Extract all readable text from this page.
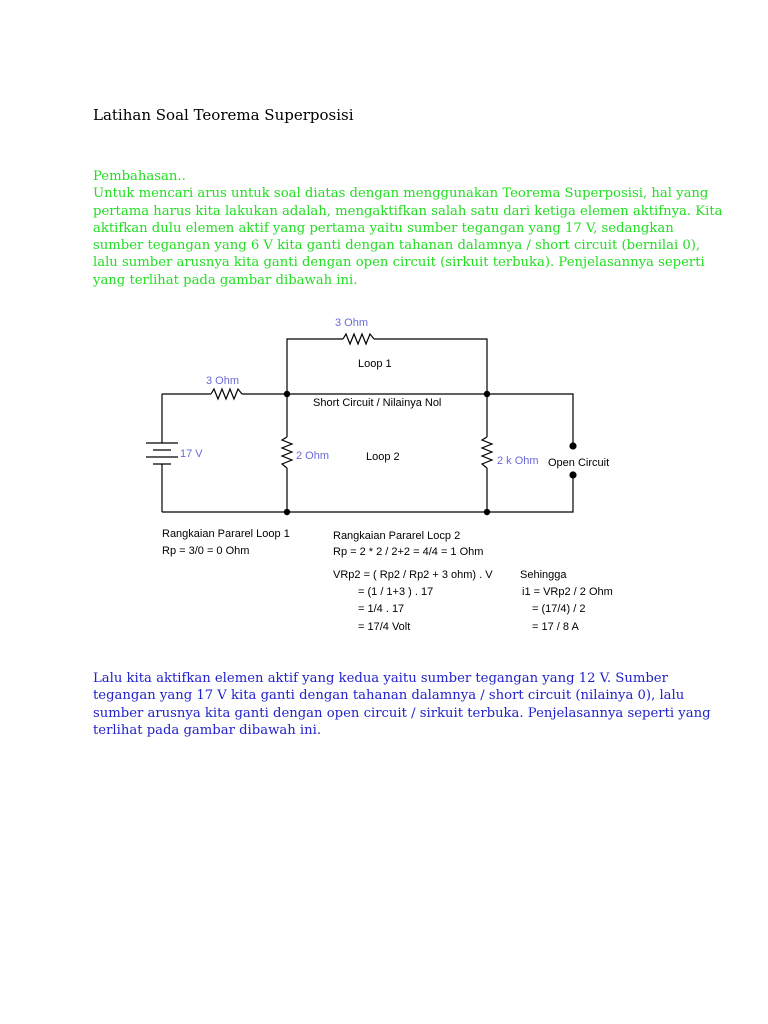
Latihan Soal Teorema Superposisi
Pembahasan..
Untuk mencari arus untuk soal diatas dengan menggunakan Teorema Superposisi, hal yang
pertama harus kita lakukan adalah, mengaktifkan salah satu dari ketiga elemen aktifnya. Kita
aktifkan dulu elemen aktif yang pertama yaitu sumber tegangan yang 17 V, sedangkan
sumber tegangan yang 6 V kita ganti dengan tahanan dalamnya / short circuit (bernilai 0),
lalu sumber arusnya kita ganti dengan open circuit (sirkuit terbuka). Penjelasannya seperti
yang terlihat pada gambar dibawah ini.
3 Ohm
Loop 1
3 Ohm
Short Circuit / Nilainya Nol
17 V	2 Ohm	Loop 2	2 k Ohm Open Circuit
Rangkaian Pararel Loop 1
Rp = 3/0 = 0 Ohm
Rangkaian Pararel Locp 2
Rp = 2 * 2 / 2+2 = 4/4 = 1 Ohm
VRp2 = ( Rp2 / Rp2 + 3 ohm) . V
= (1 / 1+3 ) . 17
= 1/4 . 17
= 17/4 Volt
Sehingga
i1 = VRp2 / 2 Ohm
= (17/4) / 2
= 17 / 8 A
Lalu kita aktifkan elemen aktif yang kedua yaitu sumber tegangan yang 12 V. Sumber
tegangan yang 17 V kita ganti dengan tahanan dalamnya / short circuit (nilainya 0), lalu
sumber arusnya kita ganti dengan open circuit / sirkuit terbuka. Penjelasannya seperti yang
terlihat pada gambar dibawah ini.
